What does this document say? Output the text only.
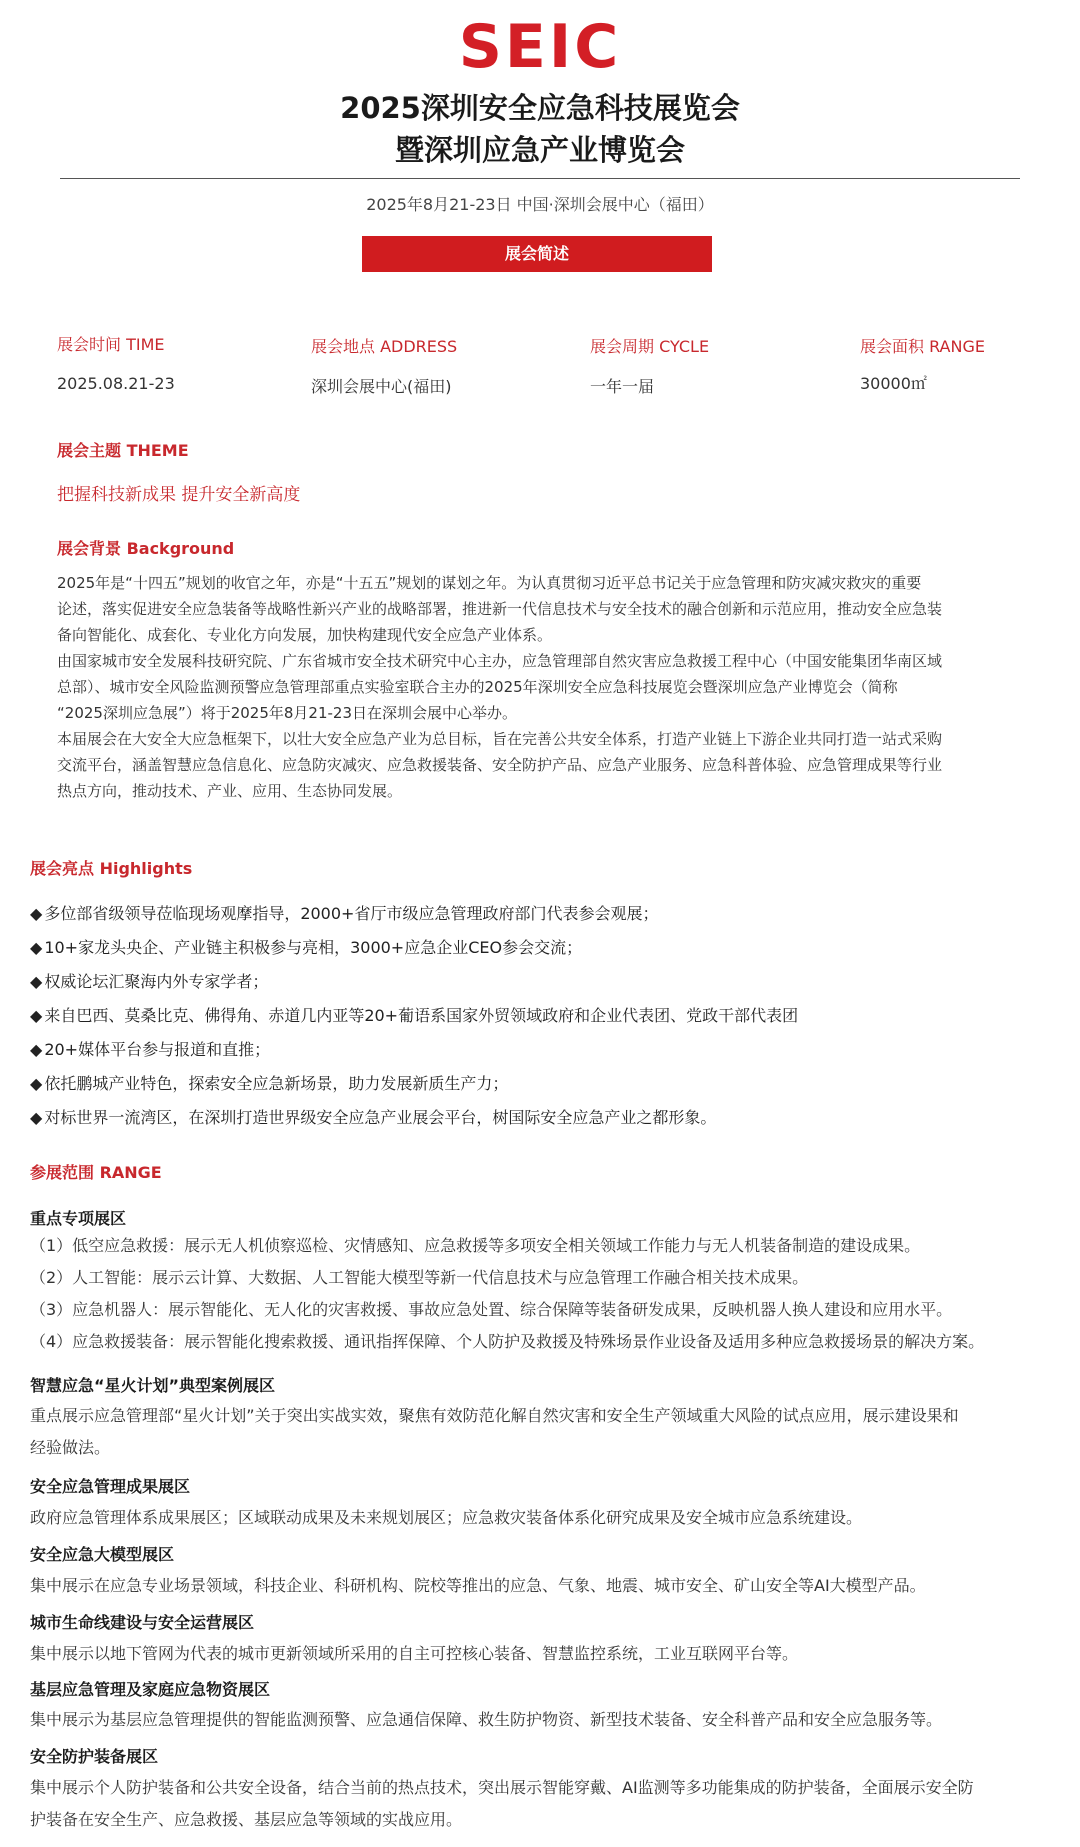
SEIC
2025深圳安全应急科技展览会
暨深圳应急产业博览会
2025年8月21-23日 中国·深圳会展中心（福田）
展会简述
展会时间 TIME	展会地点 ADDRESS	展会周期 CYCLE	展会面积 RANGE
2025.08.21-23	深圳会展中心(福田)	一年一届	30000㎡
展会主题 THEME
把握科技新成果 提升安全新高度
展会背景 Background
2025年是“十四五”规划的收官之年，亦是“十五五”规划的谋划之年。为认真贯彻习近平总书记关于应急管理和防灾减灾救灾的重要
论述，落实促进安全应急装备等战略性新兴产业的战略部署，推进新一代信息技术与安全技术的融合创新和示范应用，推动安全应急装
备向智能化、成套化、专业化方向发展，加快构建现代安全应急产业体系。
由国家城市安全发展科技研究院、广东省城市安全技术研究中心主办，应急管理部自然灾害应急救援工程中心（中国安能集团华南区域
总部）、城市安全风险监测预警应急管理部重点实验室联合主办的2025年深圳安全应急科技展览会暨深圳应急产业博览会（简称
“2025深圳应急展”）将于2025年8月21-23日在深圳会展中心举办。
本届展会在大安全大应急框架下，以壮大安全应急产业为总目标，旨在完善公共安全体系，打造产业链上下游企业共同打造一站式采购
交流平台，涵盖智慧应急信息化、应急防灾减灾、应急救援装备、安全防护产品、应急产业服务、应急科普体验、应急管理成果等行业
热点方向，推动技术、产业、应用、生态协同发展。
展会亮点 Highlights
◆ 多位部省级领导莅临现场观摩指导，2000+省厅市级应急管理政府部门代表参会观展；
◆ 10+家龙头央企、产业链主积极参与亮相，3000+应急企业CEO参会交流；
◆ 权威论坛汇聚海内外专家学者；
◆ 来自巴西、莫桑比克、佛得角、赤道几内亚等20+葡语系国家外贸领域政府和企业代表团、党政干部代表团
◆ 20+媒体平台参与报道和直推；
◆ 依托鹏城产业特色，探索安全应急新场景，助力发展新质生产力；
◆ 对标世界一流湾区，在深圳打造世界级安全应急产业展会平台，树国际安全应急产业之都形象。
参展范围 RANGE
重点专项展区
（1）低空应急救援：展示无人机侦察巡检、灾情感知、应急救援等多项安全相关领域工作能力与无人机装备制造的建设成果。
（2）人工智能：展示云计算、大数据、人工智能大模型等新一代信息技术与应急管理工作融合相关技术成果。
（3）应急机器人：展示智能化、无人化的灾害救援、事故应急处置、综合保障等装备研发成果，反映机器人换人建设和应用水平。
（4）应急救援装备：展示智能化搜索救援、通讯指挥保障、个人防护及救援及特殊场景作业设备及适用多种应急救援场景的解决方案。
智慧应急“星火计划”典型案例展区
重点展示应急管理部“星火计划”关于突出实战实效，聚焦有效防范化解自然灾害和安全生产领域重大风险的试点应用，展示建设果和
经验做法。
安全应急管理成果展区
政府应急管理体系成果展区；区域联动成果及未来规划展区；应急救灾装备体系化研究成果及安全城市应急系统建设。
安全应急大模型展区
集中展示在应急专业场景领域，科技企业、科研机构、院校等推出的应急、气象、地震、城市安全、矿山安全等AI大模型产品。
城市生命线建设与安全运营展区
集中展示以地下管网为代表的城市更新领域所采用的自主可控核心装备、智慧监控系统，工业互联网平台等。
基层应急管理及家庭应急物资展区
集中展示为基层应急管理提供的智能监测预警、应急通信保障、救生防护物资、新型技术装备、安全科普产品和安全应急服务等。
安全防护装备展区
集中展示个人防护装备和公共安全设备，结合当前的热点技术，突出展示智能穿戴、AI监测等多功能集成的防护装备，全面展示安全防
护装备在安全生产、应急救援、基层应急等领域的实战应用。
